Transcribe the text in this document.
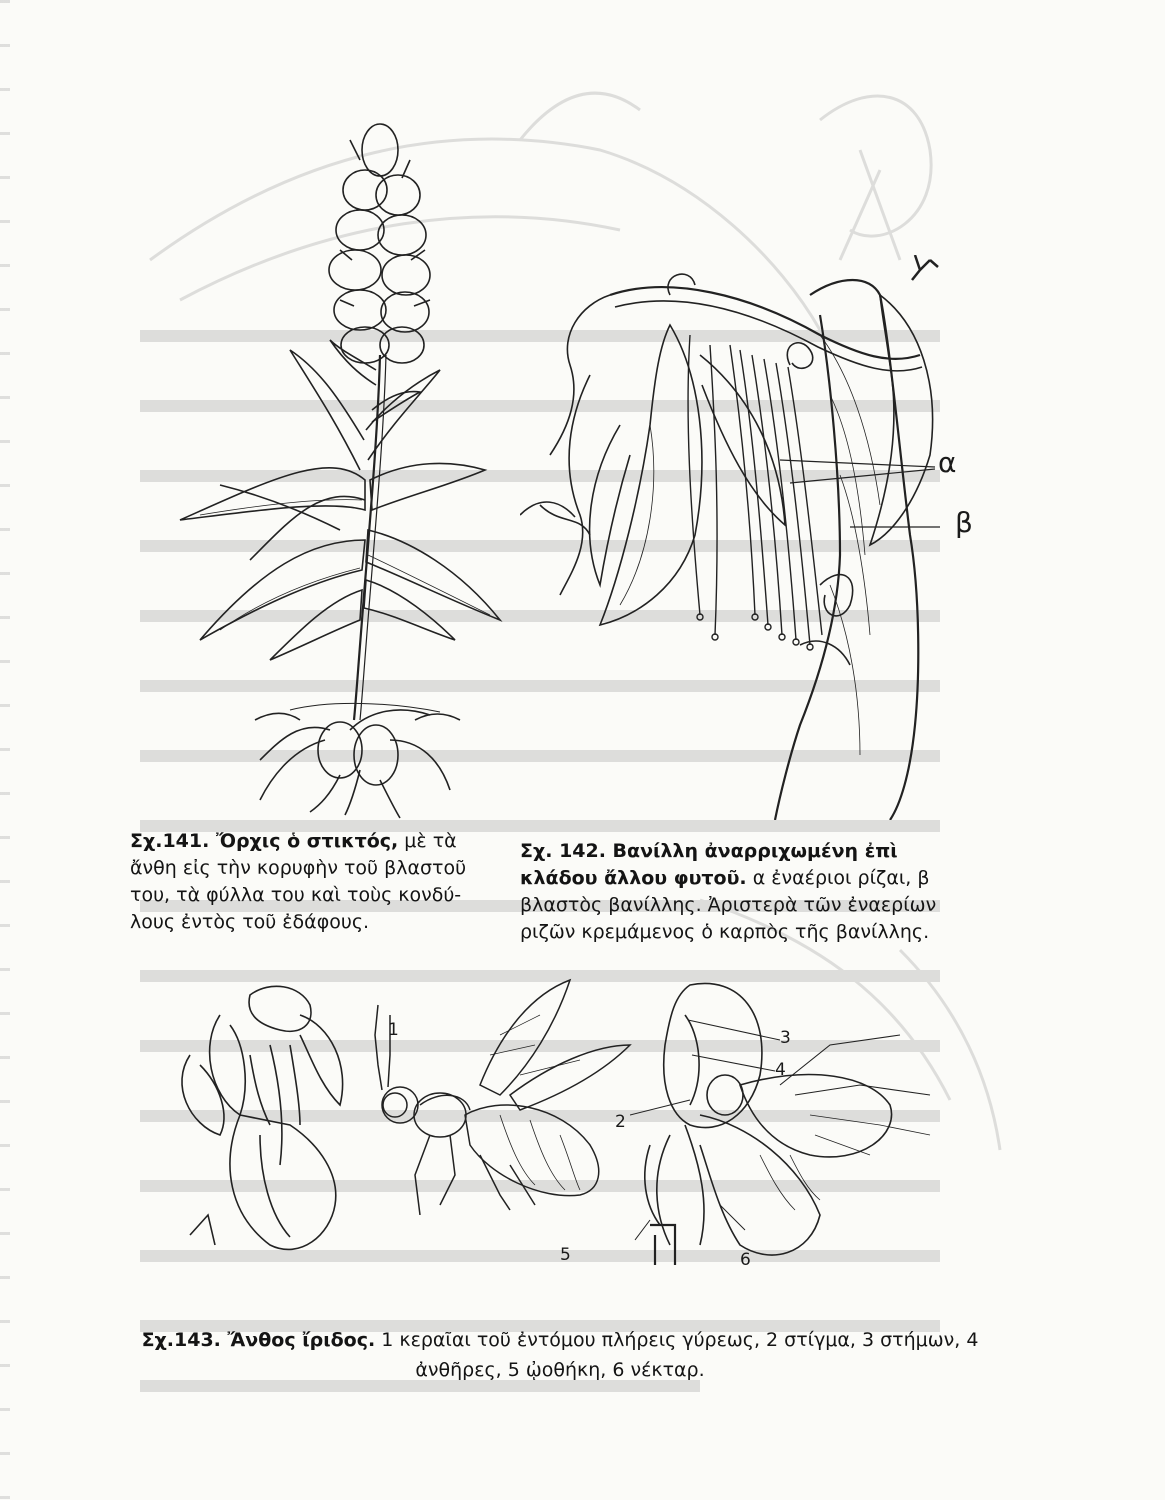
α
β
Σχ.141. Ὄρχις ὁ στικτός, μὲ τὰ ἄνθη εἰς τὴν κορυφὴν τοῦ βλαστοῦ του, τὰ φύλλα του καὶ τοὺς κονδύ-λους ἐντὸς τοῦ ἐδάφους.
Σχ. 142. Βανίλλη ἀναρριχωμένη ἐπὶ κλάδου ἄλλου φυτοῦ. α ἐναέριοι ρίζαι, β βλαστὸς βανίλλης. Ἀριστερὰ τῶν ἐναερίων ριζῶν κρεμάμενος ὁ καρπὸς τῆς βανίλλης.
1	3
4
2
5	6
Σχ.143. Ἄνθος ἴριδος. 1 κεραῖαι τοῦ ἐντόμου πλήρεις γύρεως, 2 στίγμα, 3 στήμων, 4 ἀνθῆρες, 5 ᾠοθήκη, 6 νέκταρ.
